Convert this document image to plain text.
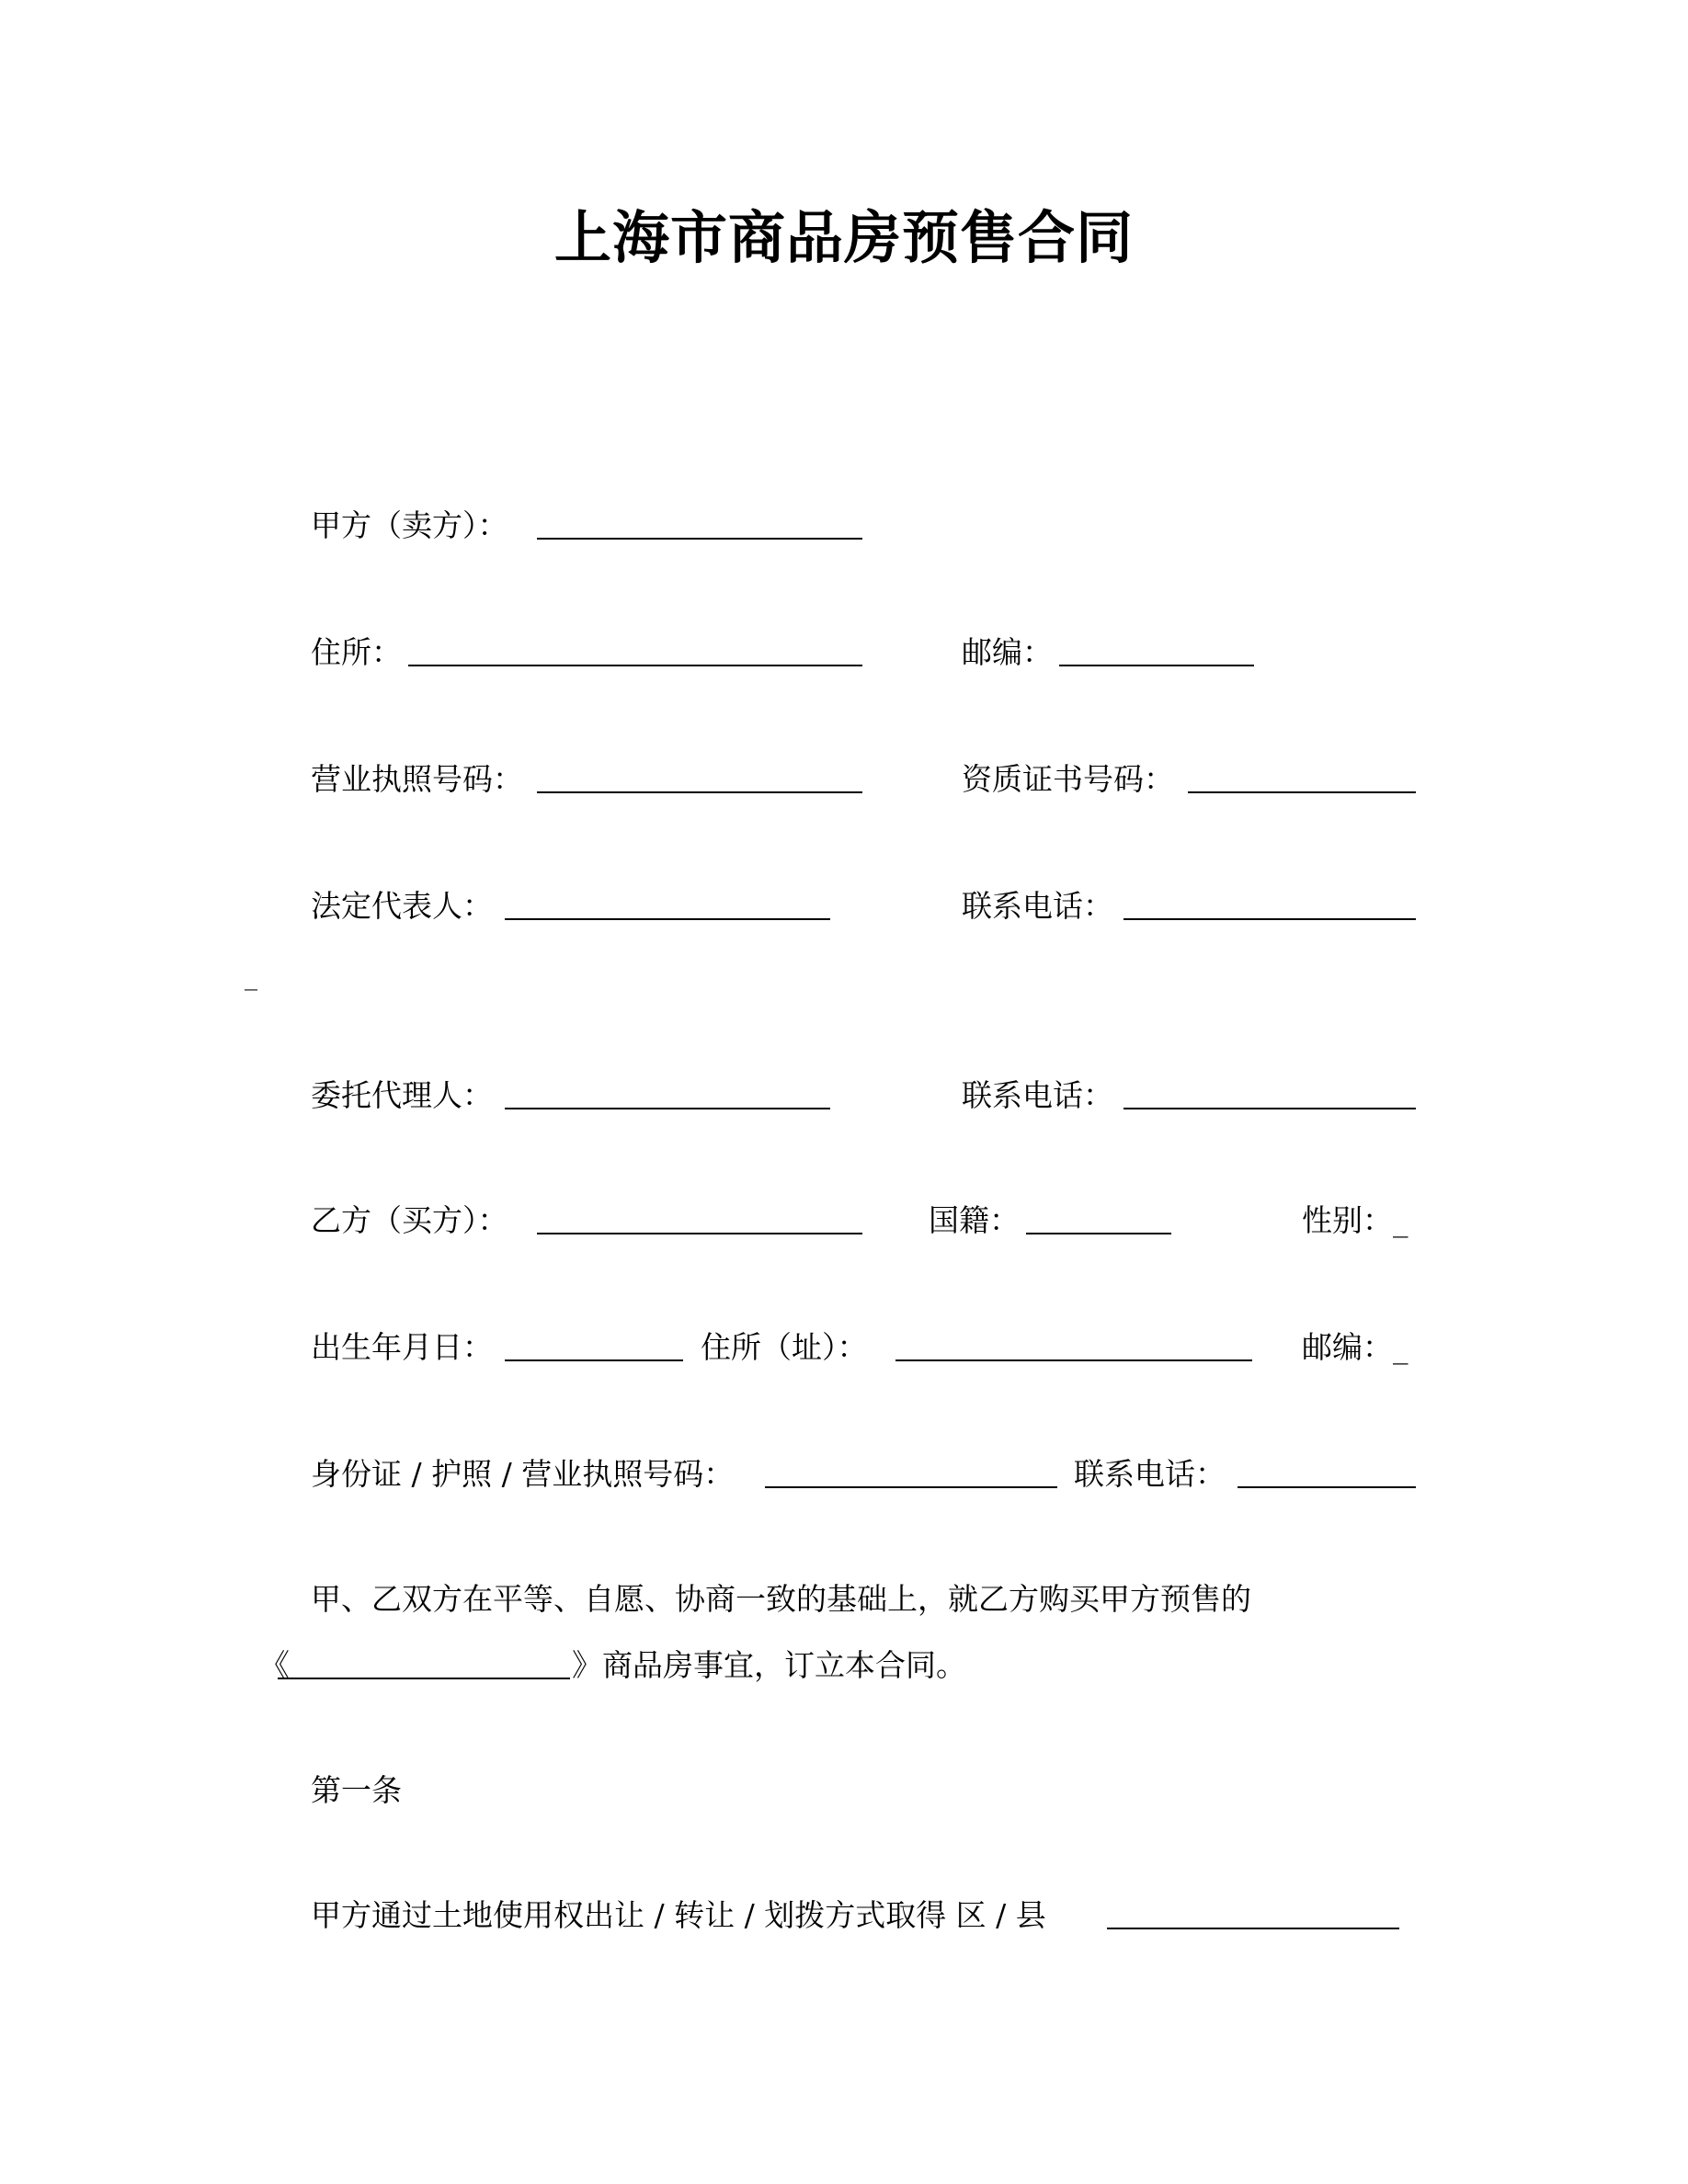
上海市商品房预售合同
甲方（卖方）：
住所：	邮编：
营业执照号码：	资质证书号码：
法定代表人：	联系电话：
_
委托代理人：	联系电话：
乙方（买方）：	国籍：	性别：_
出生年月日：	住所（址）：	邮编：_
身份证 / 护照 / 营业执照号码：	联系电话：
甲、乙双方在平等、自愿、协商一致的基础上，就乙方购买甲方预售的
《	》商品房事宜，订立本合同。
第一条
甲方通过土地使用权出让 / 转让 / 划拨方式取得 区 / 县
